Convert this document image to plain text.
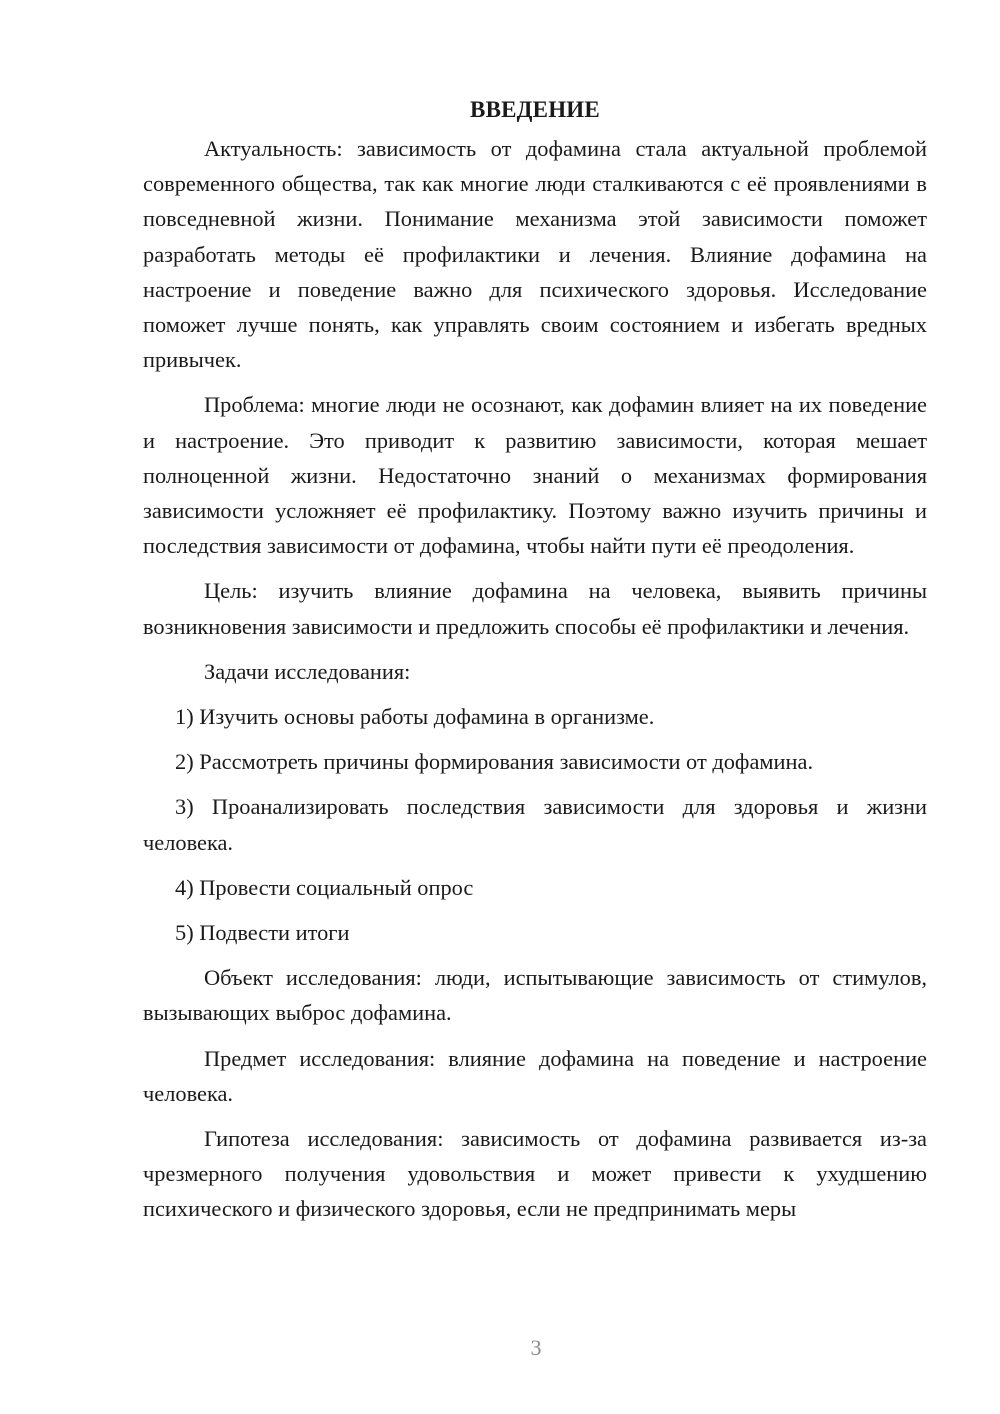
ВВЕДЕНИЕ

Актуальность: зависимость от дофамина стала актуальной проблемой современного общества, так как многие люди сталкиваются с её проявлениями в повседневной жизни. Понимание механизма этой зависимости поможет разработать методы её профилактики и лечения. Влияние дофамина на настроение и поведение важно для психического здоровья. Исследование поможет лучше понять, как управлять своим состоянием и избегать вредных привычек.

Проблема: многие люди не осознают, как дофамин влияет на их поведение и настроение. Это приводит к развитию зависимости, которая мешает полноценной жизни. Недостаточно знаний о механизмах формирования зависимости усложняет её профилактику. Поэтому важно изучить причины и последствия зависимости от дофамина, чтобы найти пути её преодоления.

Цель: изучить влияние дофамина на человека, выявить причины возникновения зависимости и предложить способы её профилактики и лечения.

Задачи исследования:

1) Изучить основы работы дофамина в организме.

2) Рассмотреть причины формирования зависимости от дофамина.

3) Проанализировать последствия зависимости для здоровья и жизни человека.

4) Провести социальный опрос

5) Подвести итоги

Объект исследования: люди, испытывающие зависимость от стимулов, вызывающих выброс дофамина.

Предмет исследования: влияние дофамина на поведение и настроение человека.

Гипотеза исследования: зависимость от дофамина развивается из-за чрезмерного получения удовольствия и может привести к ухудшению психического и физического здоровья, если не предпринимать меры

3
